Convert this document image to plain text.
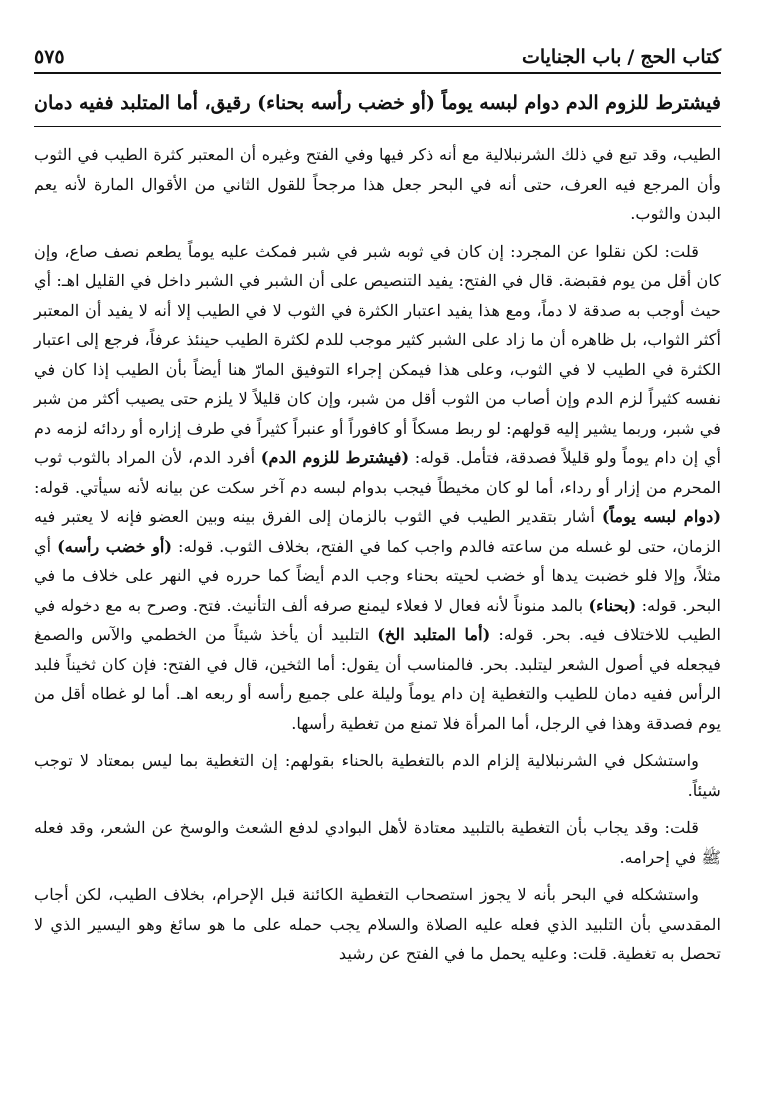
كتاب الحج
/
باب الجنايات
٥٧٥
فيشترط للزوم الدم دوام لبسه يوماً (أو خضب رأسه بحناء) رقيق، أما المتلبد ففيه دمان

الطيب، وقد تبع في ذلك الشرنبلالية مع أنه ذكر فيها وفي الفتح وغيره أن المعتبر كثرة الطيب في الثوب وأن المرجع فيه العرف، حتى أنه في البحر جعل هذا مرجحاً للقول الثاني من الأقوال المارة لأنه يعم البدن والثوب.

قلت: لكن نقلوا عن المجرد: إن كان في ثوبه شبر في شبر فمكث عليه يوماً يطعم نصف صاع، وإن كان أقل من يوم فقبضة. قال في الفتح: يفيد التنصيص على أن الشبر في الشبر داخل في القليل اهـ: أي حيث أوجب به صدقة لا دماً، ومع هذا يفيد اعتبار الكثرة في الثوب لا في الطيب إلا أنه لا يفيد أن المعتبر أكثر الثواب، بل ظاهره أن ما زاد على الشبر كثير موجب للدم لكثرة الطيب حينئذ عرفاً، فرجع إلى اعتبار الكثرة في الطيب لا في الثوب، وعلى هذا فيمكن إجراء التوفيق المارّ هنا أيضاً بأن الطيب إذا كان في نفسه كثيراً لزم الدم وإن أصاب من الثوب أقل من شبر، وإن كان قليلاً لا يلزم حتى يصيب أكثر من شبر في شبر، وربما يشير إليه قولهم: لو ربط مسكاً أو كافوراً أو عنبراً كثيراً في طرف إزاره أو ردائه لزمه دم أي إن دام يوماً ولو قليلاً فصدقة، فتأمل. قوله: (فيشترط للزوم الدم) أفرد الدم، لأن المراد بالثوب ثوب المحرم من إزار أو رداء، أما لو كان مخيطاً فيجب بدوام لبسه دم آخر سكت عن بيانه لأنه سيأتي. قوله: (دوام لبسه يوماً) أشار بتقدير الطيب في الثوب بالزمان إلى الفرق بينه وبين العضو فإنه لا يعتبر فيه الزمان، حتى لو غسله من ساعته فالدم واجب كما في الفتح، بخلاف الثوب. قوله: (أو خضب رأسه) أي مثلاً، وإلا فلو خضبت يدها أو خضب لحيته بحناء وجب الدم أيضاً كما حرره في النهر على خلاف ما في البحر. قوله: (بحناء) بالمد منوناً لأنه فعال لا فعلاء ليمنع صرفه ألف التأنيث. فتح. وصرح به مع دخوله في الطيب للاختلاف فيه. بحر. قوله: (أما المتلبد الخ) التلبيد أن يأخذ شيئاً من الخطمي والآس والصمغ فيجعله في أصول الشعر ليتلبد. بحر. فالمناسب أن يقول: أما الثخين، قال في الفتح: فإن كان ثخيناً فلبد الرأس ففيه دمان للطيب والتغطية إن دام يوماً وليلة على جميع رأسه أو ربعه اهـ. أما لو غطاه أقل من يوم فصدقة وهذا في الرجل، أما المرأة فلا تمنع من تغطية رأسها.

واستشكل في الشرنبلالية إلزام الدم بالتغطية بالحناء بقولهم: إن التغطية بما ليس بمعتاد لا توجب شيئاً.

قلت: وقد يجاب بأن التغطية بالتلبيد معتادة لأهل البوادي لدفع الشعث والوسخ عن الشعر، وقد فعله ﷺ في إحرامه.

واستشكله في البحر بأنه لا يجوز استصحاب التغطية الكائنة قبل الإحرام، بخلاف الطيب، لكن أجاب المقدسي بأن التلبيد الذي فعله عليه الصلاة والسلام يجب حمله على ما هو سائغ وهو اليسير الذي لا تحصل به تغطية. قلت: وعليه يحمل ما في الفتح عن رشيد
